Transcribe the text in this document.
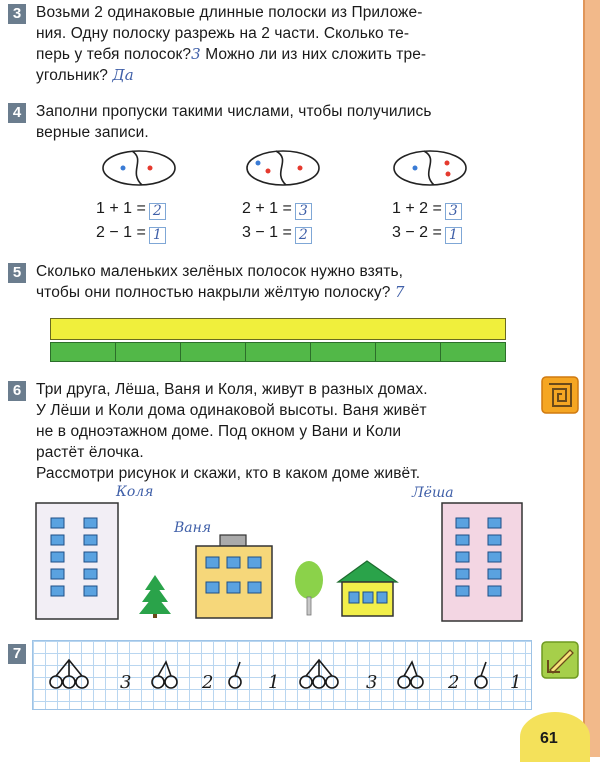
3 Возьми 2 одинаковые длинные полоски из Приложе-
ния. Одну полоску разрежь на 2 части. Сколько те-
перь у тебя полосок?3 Можно ли из них сложить тре-
угольник? Да
4 Заполни пропуски такими числами, чтобы получились
верные записи.
1 + 1 = 2
2 − 1 = 1
2 + 1 = 3
3 − 1 = 2
1 + 2 = 3
3 − 2 = 1
5 Сколько маленьких зелёных полосок нужно взять,
чтобы они полностью накрыли жёлтую полоску? 7
6 Три друга, Лёша, Ваня и Коля, живут в разных домах.
У Лёши и Коли дома одинаковой высоты. Ваня живёт
не в одноэтажном доме. Под окном у Вани и Коли
растёт ёлочка.
Рассмотри рисунок и скажи, кто в каком доме живёт.
Коля
Ваня
Лёша
7
3	2	1	3	2	1
61
